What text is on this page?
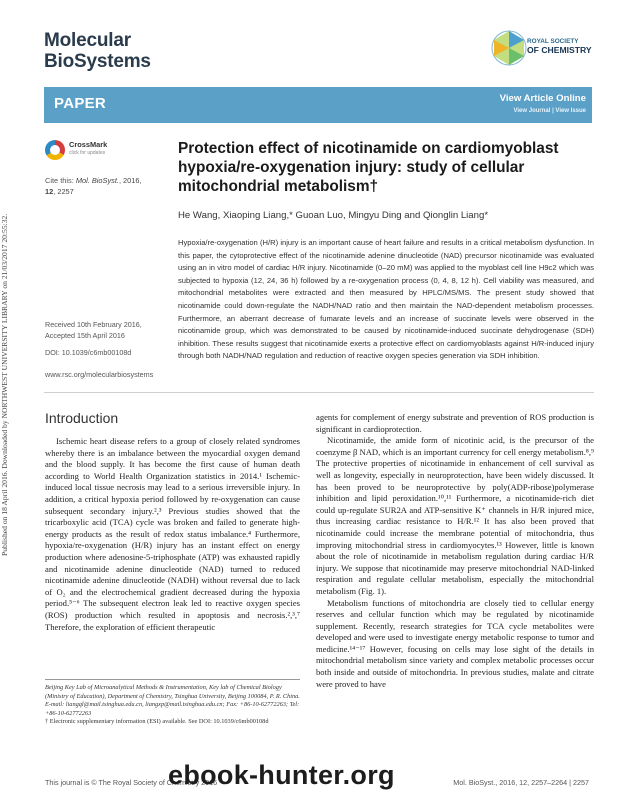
Published on 18 April 2016. Downloaded by NORTHWEST UNIVERSITY LIBRARY on 21/03/2017 20:55:32.
Molecular
BioSystems
ROYAL SOCIETY
OF CHEMISTRY
PAPER	View Article Online
View Journal | View Issue
CrossMark
click for updates
Cite this: Mol. BioSyst., 2016,
12, 2257
Protection effect of nicotinamide on cardiomyoblast hypoxia/re-oxygenation injury: study of cellular mitochondrial metabolism†
He Wang, Xiaoping Liang,* Guoan Luo, Mingyu Ding and Qionglin Liang*
Hypoxia/re-oxygenation (H/R) injury is an important cause of heart failure and results in a critical metabolism dysfunction. In this paper, the cytoprotective effect of the nicotinamide adenine dinucleotide (NAD) precursor nicotinamide was evaluated using an in vitro model of cardiac H/R injury. Nicotinamide (0–20 mM) was applied to the myoblast cell line H9c2 which was subjected to hypoxia (12, 24, 36 h) followed by a re-oxygenation process (0, 4, 8, 12 h). Cell viability was measured, and mitochondrial metabolites were extracted and then measured by HPLC/MS/MS. The present study showed that nicotinamide could down-regulate the NADH/NAD ratio and then maintain the NAD-dependent metabolism processes. Furthermore, an aberrant decrease of fumarate levels and an increase of succinate levels were observed in the nicotinamide group, which was demonstrated to be caused by nicotinamide-induced succinate dehydrogenase (SDH) inhibition. These results suggest that nicotinamide exerts a protective effect on cardiomyoblasts against H/R-induced injury through both NADH/NAD regulation and reduction of reactive oxygen species generation via SDH inhibition.
Received 10th February 2016,
Accepted 15th April 2016
DOI: 10.1039/c6mb00108d
www.rsc.org/molecularbiosystems
Introduction

Ischemic heart disease refers to a group of closely related syndromes whereby there is an imbalance between the myocardial oxygen demand and the blood supply. It has become the first cause of human death according to World Health Organization statistics in 2014.¹ Ischemic-induced local tissue necrosis may lead to a serious irreversible injury. In addition, a critical hypoxia period followed by re-oxygenation can cause subsequent secondary injury.²,³ Previous studies showed that the tricarboxylic acid (TCA) cycle was broken and failed to generate high-energy products as the result of redox status imbalance.⁴ Furthermore, hypoxia/re-oxygenation (H/R) injury has an instant effect on energy production where adenosine-5-triphosphate (ATP) was exhausted rapidly and nicotinamide adenine dinucleotide (NAD) turned to reduced nicotinamide adenine dinucleotide (NADH) without reversal due to lack of O₂ and the electrochemical gradient decreased during the hypoxia period.⁵⁻⁶ The subsequent electron leak led to reactive oxygen species (ROS) production which resulted in apoptosis and necrosis.²,³,⁷ Therefore, the exploration of efficient therapeutic

agents for complement of energy substrate and prevention of ROS production is significant in cardioprotection.

Nicotinamide, the amide form of nicotinic acid, is the precursor of the coenzyme β NAD, which is an important currency for cell energy metabolism.⁸,⁹ The protective properties of nicotinamide in enhancement of cell survival as well as longevity, especially in neuroprotection, have been widely discussed. It has been proved to be neuroprotective by poly(ADP-ribose)polymerase inhibition and lipid peroxidation.¹⁰,¹¹ Furthermore, a nicotinamide-rich diet could up-regulate SUR2A and ATP-sensitive K⁺ channels in H/R injured mice, thus increasing cardiac resistance to H/R.¹² It has also been proved that nicotinamide could increase the membrane potential of mitochondria, thus improving mitochondrial stress in cardiomyocytes.¹³ However, little is known about the role of nicotinamide in metabolism regulation during cardiac H/R injury. We suppose that nicotinamide may preserve mitochondrial NAD-linked respiration and regulate cellular metabolism, especially the mitochondrial metabolism (Fig. 1).

Metabolism functions of mitochondria are closely tied to cellular energy reserves and cellular function which may be regulated by nicotinamide supplement. Recently, research strategies for TCA cycle metabolites were developed and were used to investigate energy metabolic response to tumor and medicine.¹⁴⁻¹⁷ However, focusing on cells may lose sight of the details in mitochondrial metabolism since variety and complex metabolic processes occur both inside and outside of mitochondria. In previous studies, malate and citrate were proved to have

Beijing Key Lab of Microanalytical Methods & Instrumentation, Key lab of Chemical Biology (Ministry of Education), Department of Chemistry, Tsinghua University, Beijing 100084, P. R. China. E-mail: liangql@mail.tsinghua.edu.cn, liangxp@mail.tsinghua.edu.cn; Fax: +86-10-62772263; Tel: +86-10-62772263
† Electronic supplementary information (ESI) available. See DOI: 10.1039/c6mb00108d
This journal is © The Royal Society of Chemistry 2016	Mol. BioSyst., 2016, 12, 2257–2264 | 2257
ebook-hunter.org
